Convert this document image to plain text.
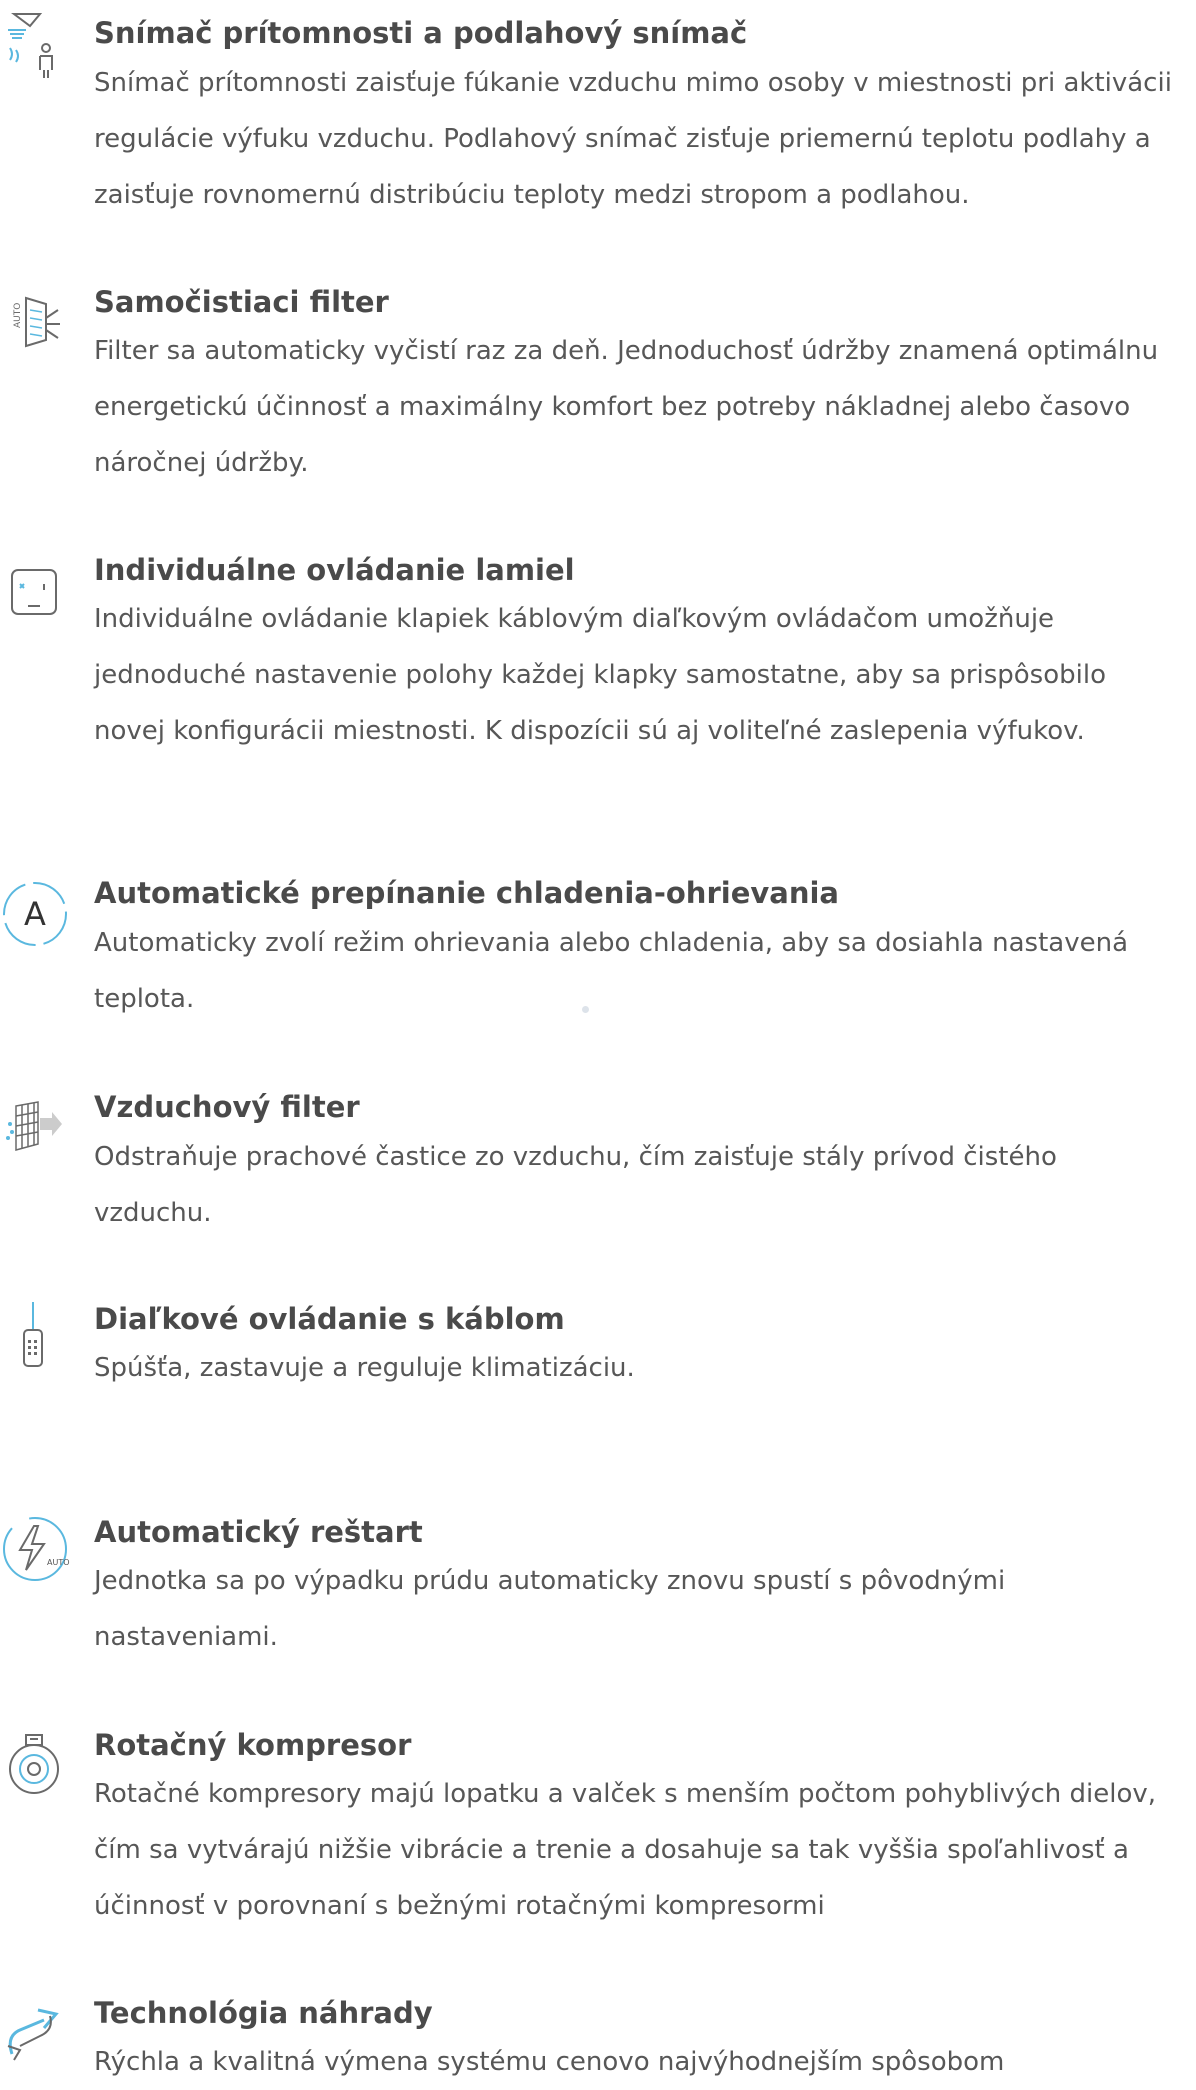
Snímač prítomnosti a podlahový snímač

Snímač prítomnosti zaisťuje fúkanie vzduchu mimo osoby v miestnosti pri aktivácii regulácie výfuku vzduchu. Podlahový snímač zisťuje priemernú teplotu podlahy a zaisťuje rovnomernú distribúciu teploty medzi stropom a podlahou.

AUTO Samočistiaci filter

Filter sa automaticky vyčistí raz za deň. Jednoduchosť údržby znamená optimálnu energetickú účinnosť a maximálny komfort bez potreby nákladnej alebo časovo náročnej údržby.

Individuálne ovládanie lamiel

Individuálne ovládanie klapiek káblovým diaľkovým ovládačom umožňuje jednoduché nastavenie polohy každej klapky samostatne, aby sa prispôsobilo novej konfigurácii miestnosti. K dispozícii sú aj voliteľné zaslepenia výfukov.

A
Automatické prepínanie chladenia-ohrievania

Automaticky zvolí režim ohrievania alebo chladenia, aby sa dosiahla nastavená teplota.

Vzduchový filter

Odstraňuje prachové častice zo vzduchu, čím zaisťuje stály prívod čistého vzduchu.

Diaľkové ovládanie s káblom

Spúšťa, zastavuje a reguluje klimatizáciu.

AUTO
Automatický reštart

Jednotka sa po výpadku prúdu automaticky znovu spustí s pôvodnými nastaveniami.

Rotačný kompresor

Rotačné kompresory majú lopatku a valček s menším počtom pohyblivých dielov, čím sa vytvárajú nižšie vibrácie a trenie a dosahuje sa tak vyššia spoľahlivosť a účinnosť v porovnaní s bežnými rotačnými kompresormi

Technológia náhrady

Rýchla a kvalitná výmena systému cenovo najvýhodnejším spôsobom
